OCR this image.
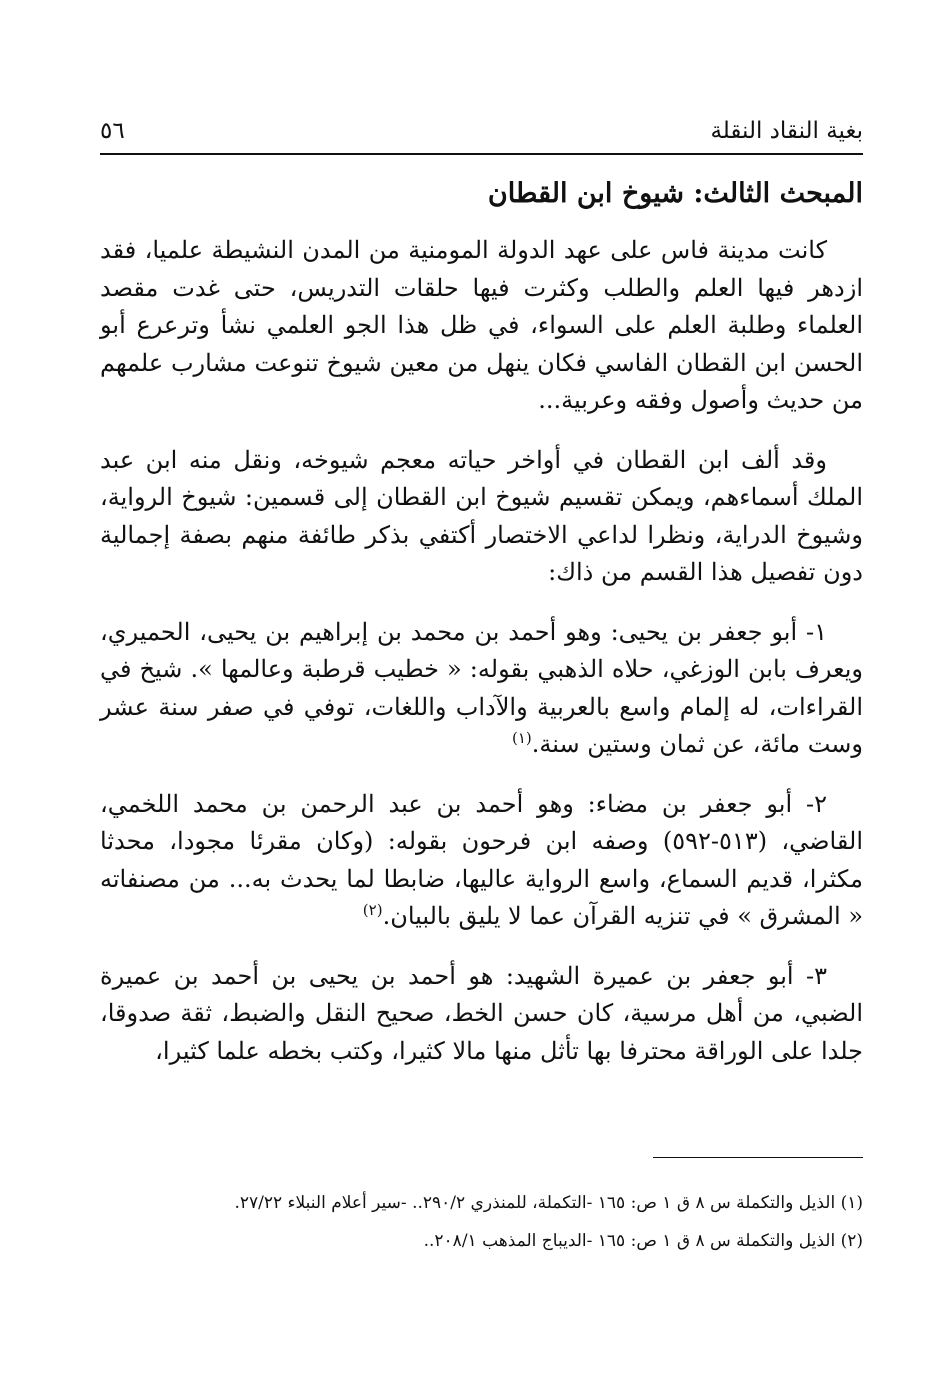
بغية النقاد النقلة
٥٦
المبحث الثالث: شيوخ ابن القطان

كانت مدينة فاس على عهد الدولة المومنية من المدن النشيطة علميا، فقد ازدهر فيها العلم والطلب وكثرت فيها حلقات التدريس، حتى غدت مقصد العلماء وطلبة العلم على السواء، في ظل هذا الجو العلمي نشأ وترعرع أبو الحسن ابن القطان الفاسي فكان ينهل من معين شيوخ تنوعت مشارب علمهم من حديث وأصول وفقه وعربية...

وقد ألف ابن القطان في أواخر حياته معجم شيوخه، ونقل منه ابن عبد الملك أسماءهم، ويمكن تقسيم شيوخ ابن القطان إلى قسمين: شيوخ الرواية، وشيوخ الدراية، ونظرا لداعي الاختصار أكتفي بذكر طائفة منهم بصفة إجمالية دون تفصيل هذا القسم من ذاك:

١- أبو جعفر بن يحيى: وهو أحمد بن محمد بن إبراهيم بن يحيى، الحميري، ويعرف بابن الوزغي، حلاه الذهبي بقوله: « خطيب قرطبة وعالمها ». شيخ في القراءات، له إلمام واسع بالعربية والآداب واللغات، توفي في صفر سنة عشر وست مائة، عن ثمان وستين سنة.$^{(١)}$

٢- أبو جعفر بن مضاء: وهو أحمد بن عبد الرحمن بن محمد اللخمي، القاضي، (٥١٣-٥٩٢) وصفه ابن فرحون بقوله: (وكان مقرئا مجودا، محدثا مكثرا، قديم السماع، واسع الرواية عاليها، ضابطا لما يحدث به... من مصنفاته « المشرق » في تنزيه القرآن عما لا يليق بالبيان.$^{(٢)}$

٣- أبو جعفر بن عميرة الشهيد: هو أحمد بن يحيى بن أحمد بن عميرة الضبي، من أهل مرسية، كان حسن الخط، صحيح النقل والضبط، ثقة صدوقا، جلدا على الوراقة محترفا بها تأثل منها مالا كثيرا، وكتب بخطه علما كثيرا،

(١) الذيل والتكملة س ٨ ق ١ ص: ١٦٥ -التكملة، للمنذري ٢٩٠/٢.. -سير أعلام النبلاء ٢٧/٢٢.

(٢) الذيل والتكملة س ٨ ق ١ ص: ١٦٥ -الديباج المذهب ٢٠٨/١..
